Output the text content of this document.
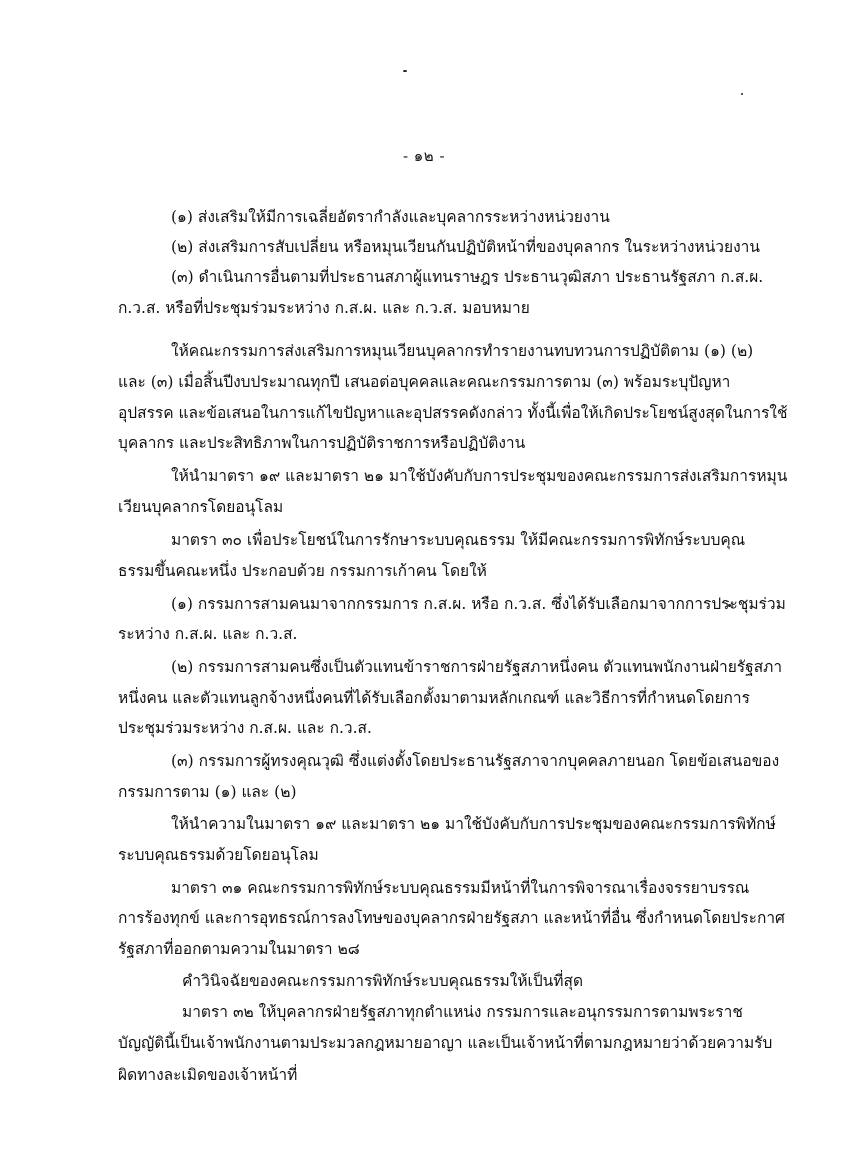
- ๑๒ -
(๑) ส่งเสริมให้มีการเฉลี่ยอัตรากำลังและบุคลากรระหว่างหน่วยงาน
(๒) ส่งเสริมการสับเปลี่ยน หรือหมุนเวียนกันปฏิบัติหน้าที่ของบุคลากร ในระหว่างหน่วยงาน
(๓) ดำเนินการอื่นตามที่ประธานสภาผู้แทนราษฎร ประธานวุฒิสภา ประธานรัฐสภา ก.ส.ผ.
ก.ว.ส. หรือที่ประชุมร่วมระหว่าง ก.ส.ผ. และ ก.ว.ส. มอบหมาย
ให้คณะกรรมการส่งเสริมการหมุนเวียนบุคลากรทำรายงานทบทวนการปฏิบัติตาม (๑) (๒)
และ (๓) เมื่อสิ้นปีงบประมาณทุกปี เสนอต่อบุคคลและคณะกรรมการตาม (๓) พร้อมระบุปัญหา
อุปสรรค และข้อเสนอในการแก้ไขปัญหาและอุปสรรคดังกล่าว ทั้งนี้เพื่อให้เกิดประโยชน์สูงสุดในการใช้
บุคลากร และประสิทธิภาพในการปฏิบัติราชการหรือปฏิบัติงาน
ให้นำมาตรา ๑๙ และมาตรา ๒๑ มาใช้บังคับกับการประชุมของคณะกรรมการส่งเสริมการหมุน
เวียนบุคลากรโดยอนุโลม
มาตรา ๓๐ เพื่อประโยชน์ในการรักษาระบบคุณธรรม ให้มีคณะกรรมการพิทักษ์ระบบคุณ
ธรรมขึ้นคณะหนึ่ง ประกอบด้วย กรรมการเก้าคน โดยให้
(๑) กรรมการสามคนมาจากกรรมการ ก.ส.ผ. หรือ ก.ว.ส. ซึ่งได้รับเลือกมาจากการประชุมร่วม
ระหว่าง ก.ส.ผ. และ ก.ว.ส.
(๒) กรรมการสามคนซึ่งเป็นตัวแทนข้าราชการฝ่ายรัฐสภาหนึ่งคน ตัวแทนพนักงานฝ่ายรัฐสภา
หนึ่งคน และตัวแทนลูกจ้างหนึ่งคนที่ได้รับเลือกตั้งมาตามหลักเกณฑ์ และวิธีการที่กำหนดโดยการ
ประชุมร่วมระหว่าง ก.ส.ผ. และ ก.ว.ส.
(๓) กรรมการผู้ทรงคุณวุฒิ ซึ่งแต่งตั้งโดยประธานรัฐสภาจากบุคคลภายนอก โดยข้อเสนอของ
กรรมการตาม (๑) และ (๒)
ให้นำความในมาตรา ๑๙ และมาตรา ๒๑ มาใช้บังคับกับการประชุมของคณะกรรมการพิทักษ์
ระบบคุณธรรมด้วยโดยอนุโลม
มาตรา ๓๑ คณะกรรมการพิทักษ์ระบบคุณธรรมมีหน้าที่ในการพิจารณาเรื่องจรรยาบรรณ
การร้องทุกข์ และการอุทธรณ์การลงโทษของบุคลากรฝ่ายรัฐสภา และหน้าที่อื่น ซึ่งกำหนดโดยประกาศ
รัฐสภาที่ออกตามความในมาตรา ๒๘
คำวินิจฉัยของคณะกรรมการพิทักษ์ระบบคุณธรรมให้เป็นที่สุด
มาตรา ๓๒ ให้บุคลากรฝ่ายรัฐสภาทุกตำแหน่ง กรรมการและอนุกรรมการตามพระราช
บัญญัตินี้เป็นเจ้าพนักงานตามประมวลกฎหมายอาญา และเป็นเจ้าหน้าที่ตามกฎหมายว่าด้วยความรับ
ผิดทางละเมิดของเจ้าหน้าที่
